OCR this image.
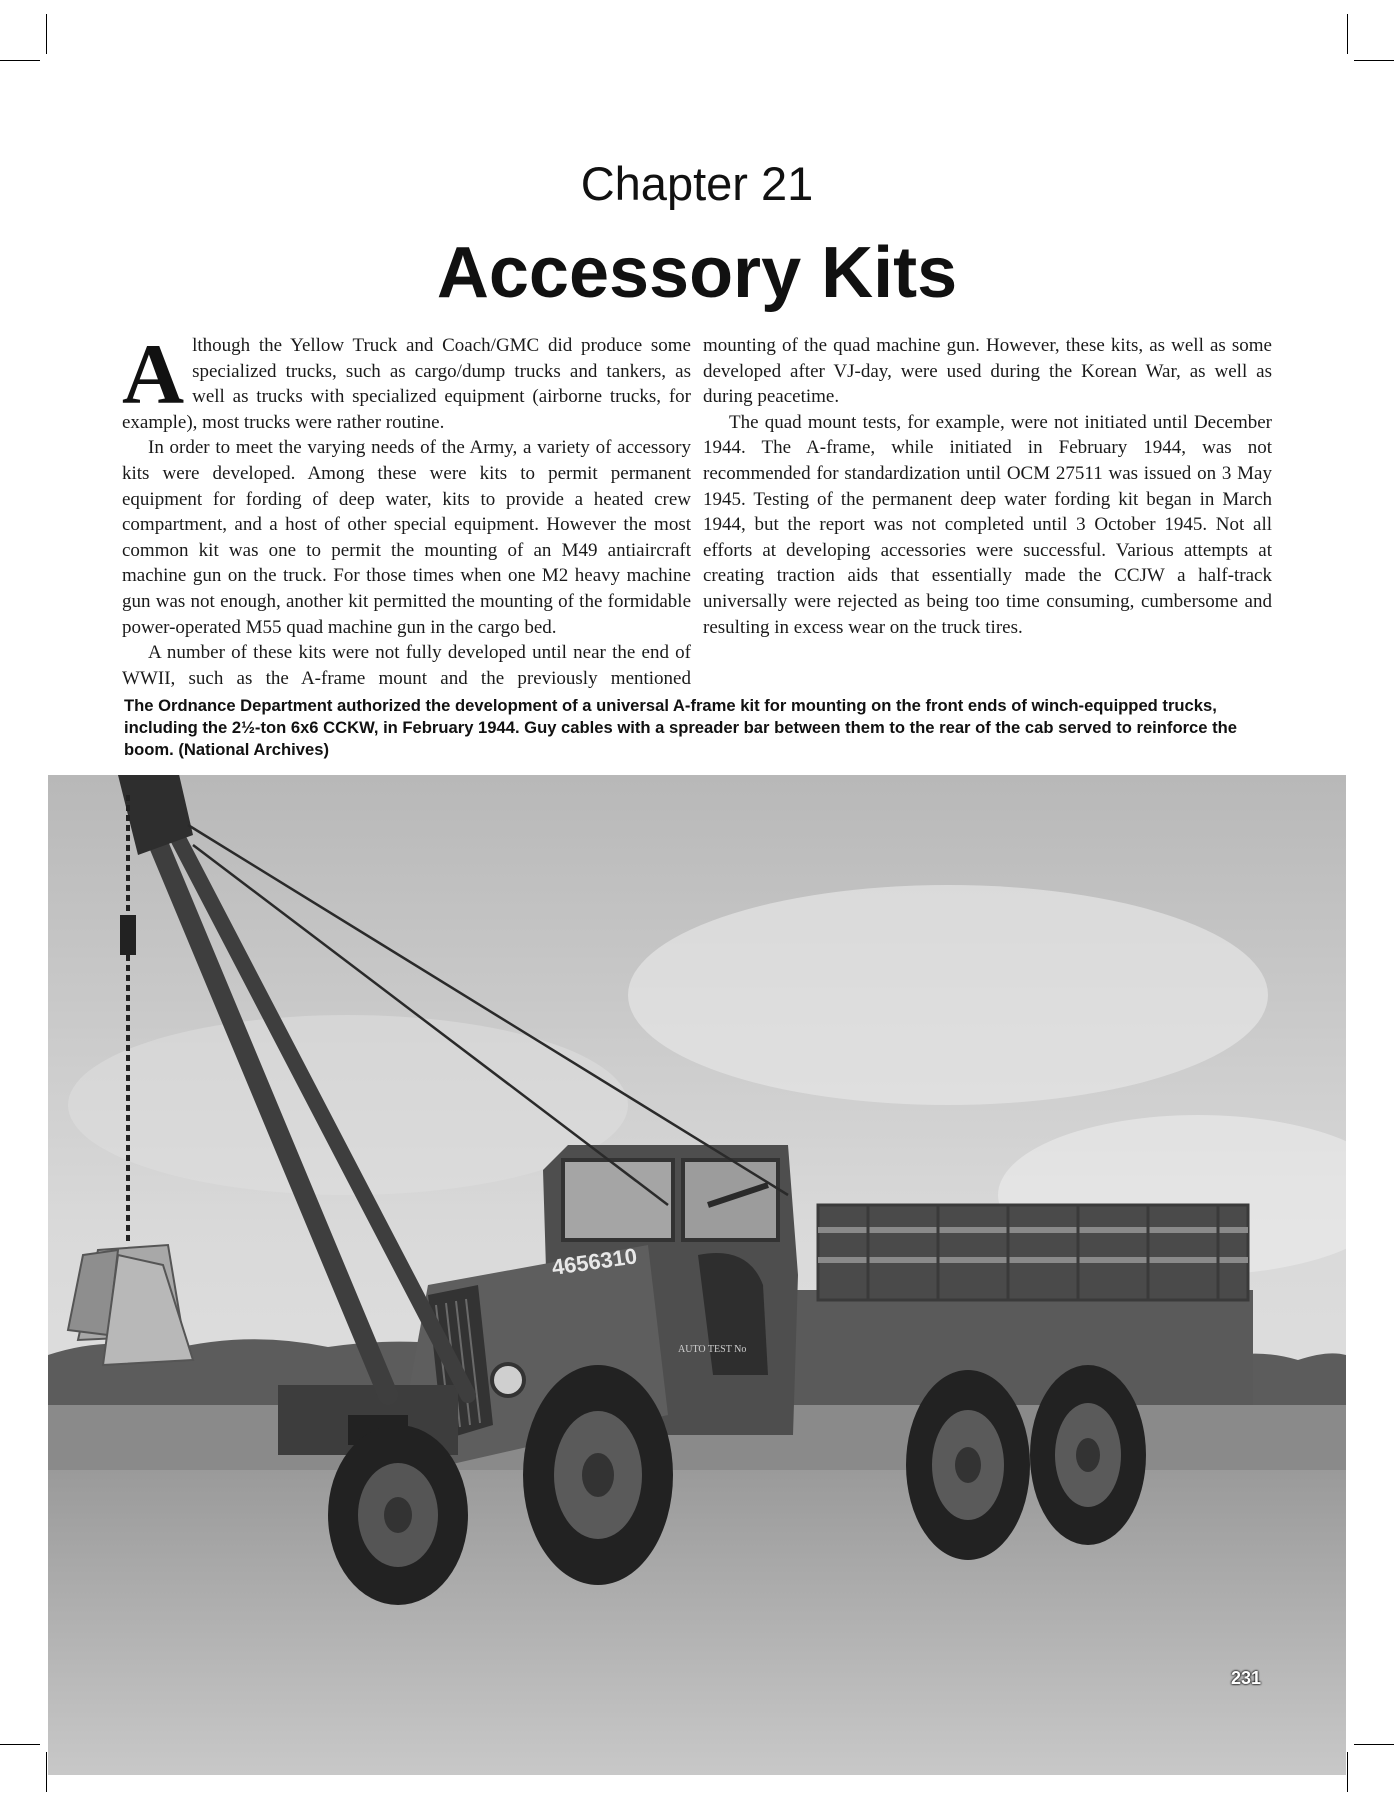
Chapter 21
Accessory Kits

Although the Yellow Truck and Coach/GMC did produce some specialized trucks, such as cargo/dump trucks and tankers, as well as trucks with specialized equipment (airborne trucks, for example), most trucks were rather routine.

In order to meet the varying needs of the Army, a variety of accessory kits were developed. Among these were kits to permit permanent equipment for fording of deep water, kits to provide a heated crew compartment, and a host of other special equipment. However the most common kit was one to permit the mounting of an M49 antiaircraft machine gun on the truck. For those times when one M2 heavy machine gun was not enough, another kit permitted the mounting of the formidable power-operated M55 quad machine gun in the cargo bed.

A number of these kits were not fully developed until near the end of WWII, such as the A-frame mount and the previously mentioned mounting of the quad machine gun. However, these kits, as well as some developed after VJ-day, were used during the Korean War, as well as during peacetime.

The quad mount tests, for example, were not initiated until December 1944. The A-frame, while initiated in February 1944, was not recommended for standardization until OCM 27511 was issued on 3 May 1945. Testing of the permanent deep water fording kit began in March 1944, but the report was not completed until 3 October 1945. Not all efforts at developing accessories were successful. Various attempts at creating traction aids that essentially made the CCJW a half-track universally were rejected as being too time consuming, cumbersome and resulting in excess wear on the truck tires.

The Ordnance Department authorized the development of a universal A-frame kit for mounting on the front ends of winch-equipped trucks, including the 2½-ton 6x6 CCKW, in February 1944. Guy cables with a spreader bar between them to the rear of the cab served to reinforce the boom. (National Archives)
4656310
AUTO TEST No
231
